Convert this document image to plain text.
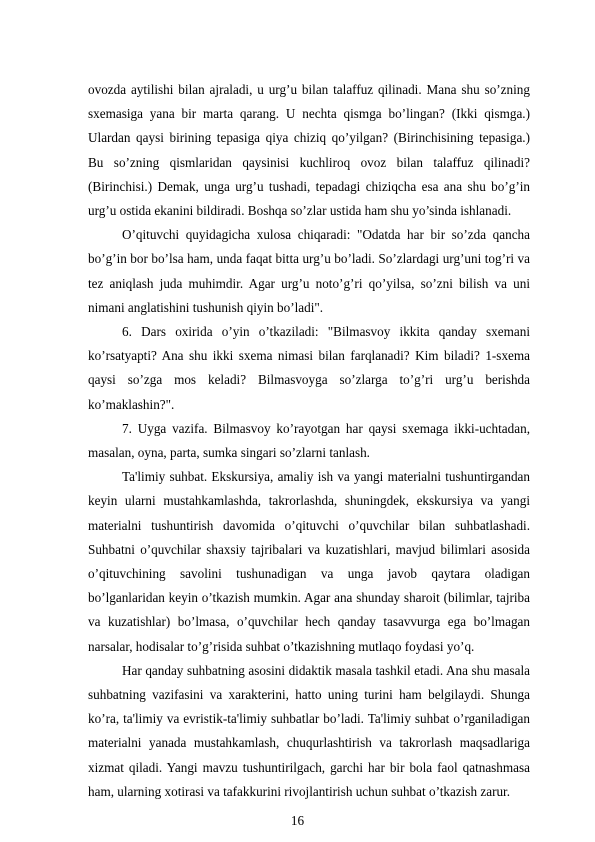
ovozda aytilishi bilan ajraladi, u urg’u bilan talaffuz qilinadi. Mana shu so’zning sxemasiga yana bir marta qarang. U nechta qismga bo’lingan? (Ikki qismga.) Ulardan qaysi birining tepasiga qiya chiziq qo’yilgan? (Birinchisining tepasiga.) Bu so’zning qismlaridan qaysinisi kuchliroq ovoz bilan talaffuz qilinadi? (Birinchisi.) Demak, unga urg’u tushadi, tepadagi chiziqcha esa ana shu bo’g’in urg’u ostida ekanini bildiradi. Boshqa so’zlar ustida ham shu yo’sinda ishlanadi.

O’qituvchi quyidagicha xulosa chiqaradi: "Odatda har bir so’zda qancha bo’g’in bor bo’lsa ham, unda faqat bitta urg’u bo’ladi. So’zlardagi urg’uni tog’ri va tez aniqlash juda muhimdir. Agar urg’u noto’g’ri qo’yilsa, so’zni bilish va uni nimani anglatishini tushunish qiyin bo’ladi".

6. Dars oxirida o’yin o’tkaziladi: "Bilmasvoy ikkita qanday sxemani ko’rsatyapti? Ana shu ikki sxema nimasi bilan farqlanadi? Kim biladi? 1-sxema qaysi so’zga mos keladi? Bilmasvoyga so’zlarga to’g’ri urg’u berishda ko’maklashin?".

7. Uyga vazifa. Bilmasvoy ko’rayotgan har qaysi sxemaga ikki-uchtadan, masalan, oyna, parta, sumka singari so’zlarni tanlash.

Ta'limiy suhbat. Ekskursiya, amaliy ish va yangi materialni tushuntirgandan keyin ularni mustahkamlashda, takrorlashda, shuningdek, ekskursiya va yangi materialni tushuntirish davomida o’qituvchi o’quvchilar bilan suhbatlashadi. Suhbatni o’quvchilar shaxsiy tajribalari va kuzatishlari, mavjud bilimlari asosida o’qituvchining savolini tushunadigan va unga javob qaytara oladigan bo’lganlaridan keyin o’tkazish mumkin. Agar ana shunday sharoit (bilimlar, tajriba va kuzatishlar) bo’lmasa, o’quvchilar hech qanday tasavvurga ega bo’lmagan narsalar, hodisalar to’g’risida suhbat o’tkazishning mutlaqo foydasi yo’q.

Har qanday suhbatning asosini didaktik masala tashkil etadi. Ana shu masala suhbatning vazifasini va xarakterini, hatto uning turini ham belgilaydi. Shunga ko’ra, ta'limiy va evristik-ta'limiy suhbatlar bo’ladi. Ta'limiy suhbat o’rganiladigan materialni yanada mustahkamlash, chuqurlashtirish va takrorlash maqsadlariga xizmat qiladi. Yangi mavzu tushuntirilgach, garchi har bir bola faol qatnashmasa ham, ularning xotirasi va tafakkurini rivojlantirish uchun suhbat o’tkazish zarur.

16
